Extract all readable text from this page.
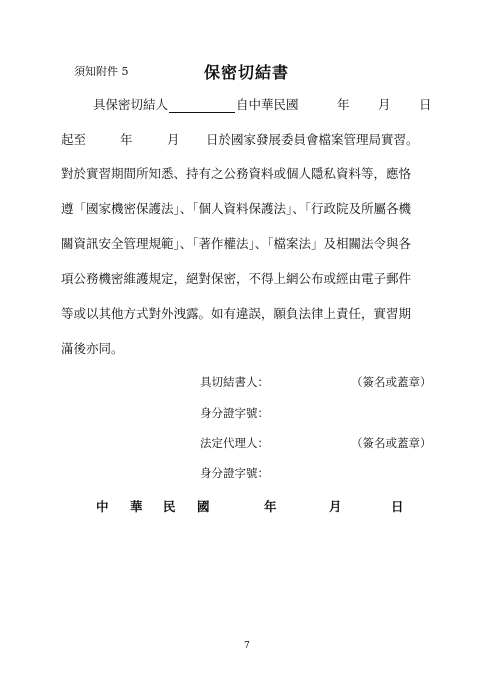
須知附件 5	保密切結書
具保密切結人	自中華民國	年 月 日
起至	年	月 日於國家發展委員會檔案管理局實習。
對於實習期間所知悉、持有之公務資料或個人隱私資料等，應恪
遵「國家機密保護法」、「個人資料保護法」、「行政院及所屬各機
關資訊安全管理規範」、「著作權法」、「檔案法」及相關法令與各
項公務機密維護規定，絕對保密，不得上網公布或經由電子郵件
等或以其他方式對外洩露。如有違誤，願負法律上責任，實習期
滿後亦同。
具切結書人：	（簽名或蓋章）
身分證字號：
法定代理人：	（簽名或蓋章）
身分證字號：
中 華 民 國	年	月	日
7
